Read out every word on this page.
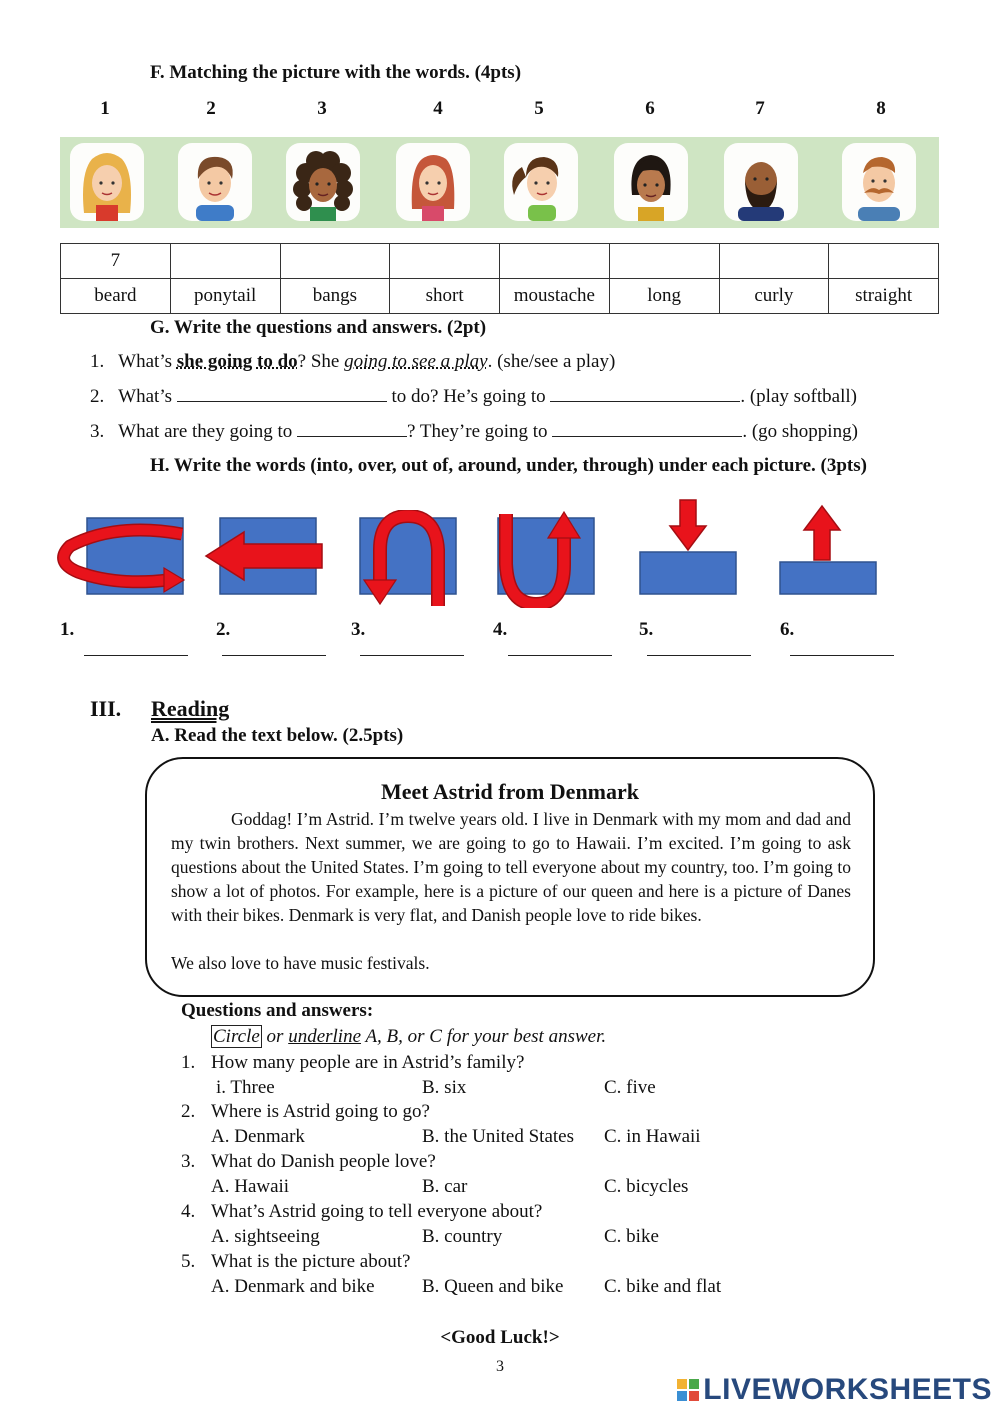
F. Matching the picture with the words. (4pts)
1	2	3	4	5	6	7	8
7							
beard	ponytail	bangs	short	moustache	long	curly	straight
G. Write the questions and answers. (2pt)
1. What’s she going to do? She going to see a play. (she/see a play)
2. What’s	to do? He’s going to	. (play softball)
3. What are they going to	? They’re going to	. (go shopping)
H. Write the words (into, over, out of, around, under, through) under each picture. (3pts)
1.	2.	3.	4.	5.	6.
III. Reading
A. Read the text below. (2.5pts)
Meet Astrid from Denmark
Goddag! I’m Astrid. I’m twelve years old. I live in Denmark with my mom and dad and my twin brothers. Next summer, we are going to go to Hawaii. I’m excited. I’m going to ask questions about the United States. I’m going to tell everyone about my country, too. I’m going to show a lot of photos. For example, here is a picture of our queen and here is a picture of Danes with their bikes. Denmark is very flat, and Danish people love to ride bikes.
We also love to have music festivals.
Questions and answers:
Circle or underline A, B, or C for your best answer.
1. How many people are in Astrid’s family?
i. Three	B. six	C. five
2. Where is Astrid going to go?
A. Denmark	B. the United States C. in Hawaii
3. What do Danish people love?
A. Hawaii	B. car	C. bicycles
4. What’s Astrid going to tell everyone about?
A. sightseeing	B. country	C. bike
5. What is the picture about?
A. Denmark and bike B. Queen and bike C. bike and flat
<Good Luck!>
3
LIVEWORKSHEETS
